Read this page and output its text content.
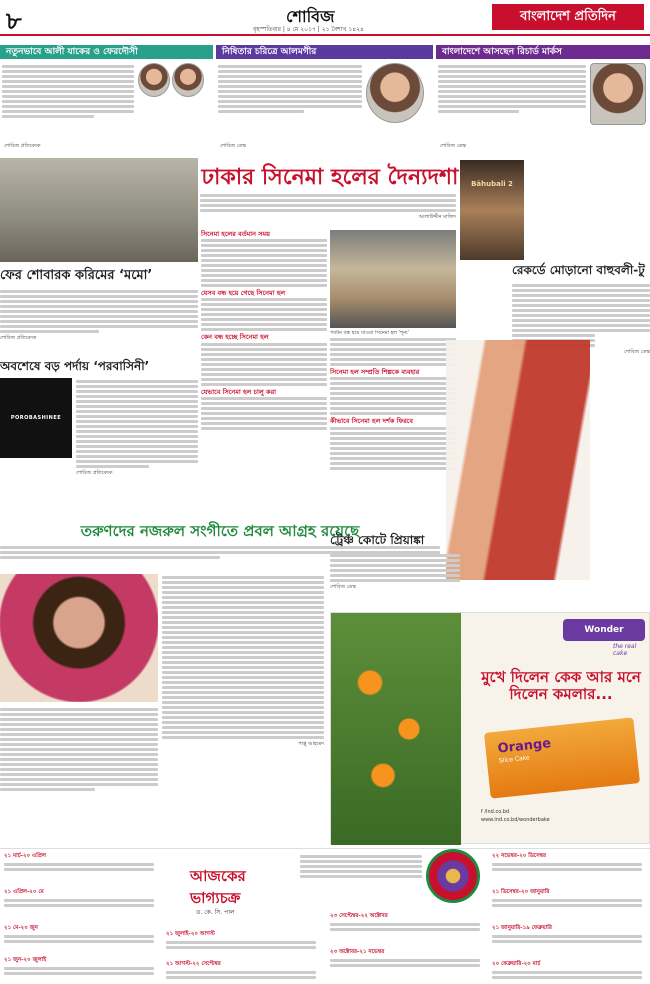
৮	শোবিজ
বৃহস্পতিবার | ৪ মে ২০১৭ | ২১ বৈশাখ ১৪২৪
বাংলাদেশ প্রতিদিন
নতুনভাবে আলী যাকের ও ফেরদৌসী
শোবিজ প্রতিবেদক
নিষিতার চরিত্রে আলমগীর
শোবিজ ডেস্ক
বাংলাদেশে আসছেন রিচার্ড মার্কস
শোবিজ ডেস্ক
ফের শোবারক করিমের ‘মমো’
শোবিজ প্রতিবেদক
অবশেষে বড় পর্দায় ‘পরবাসিনী’
POROBASHINEE
শোবিজ প্রতিবেদক
ঢাকার সিনেমা হলের দৈন্যদশা
আলাউদ্দীন মাজিদ
সিনেমা হলের বর্তমান সময়
যেসব বন্ধ হয়ে গেছে সিনেমা হল
কেন বন্ধ হচ্ছে সিনেমা হল
যেভাবে সিনেমা হল চালু করা
পর্যটন বন্ধ হয়ে যাওয়া সিনেমা হল ‘শূন্য’
সিনেমা হল সম্প্রতি শিল্পকে ব্যবহার
কীভাবে সিনেমা হল দর্শক ফিরবে
Bāhubali 2
রেকর্ডে মোড়ানো বাহুবলী-টু
শোবিজ ডেস্ক
তরুণদের নজরুল সংগীতে প্রবল আগ্রহ রয়েছে
পাপ্পু আহমেদ
ট্রেঞ্চ কোটে প্রিয়াঙ্কা
শোবিজ ডেস্ক
Wonder
the real cake
মুখে দিলেন কেক আর মনে দিলেন কমলার...
Orange
Slice Cake
f /Ind.co.bd
www.ind.co.bd/wonderbake
আজকের
ভাগ্যচক্র
ড. কে. সি. পাল
২১ মার্চ-২০ এপ্রিল
২১ এপ্রিল-২০ মে
২১ মে-২০ জুন
২১ জুন-২০ জুলাই
২১ জুলাই-২০ আগস্ট
২১ আগস্ট-২২ সেপ্টেম্বর
২৩ সেপ্টেম্বর-২২ অক্টোবর
২৩ অক্টোবর-২১ নভেম্বর
২২ নভেম্বর-২০ ডিসেম্বর
২১ ডিসেম্বর-২০ জানুয়ারি
২১ জানুয়ারি-১৯ ফেব্রুয়ারি
২০ ফেব্রুয়ারি-২০ মার্চ
